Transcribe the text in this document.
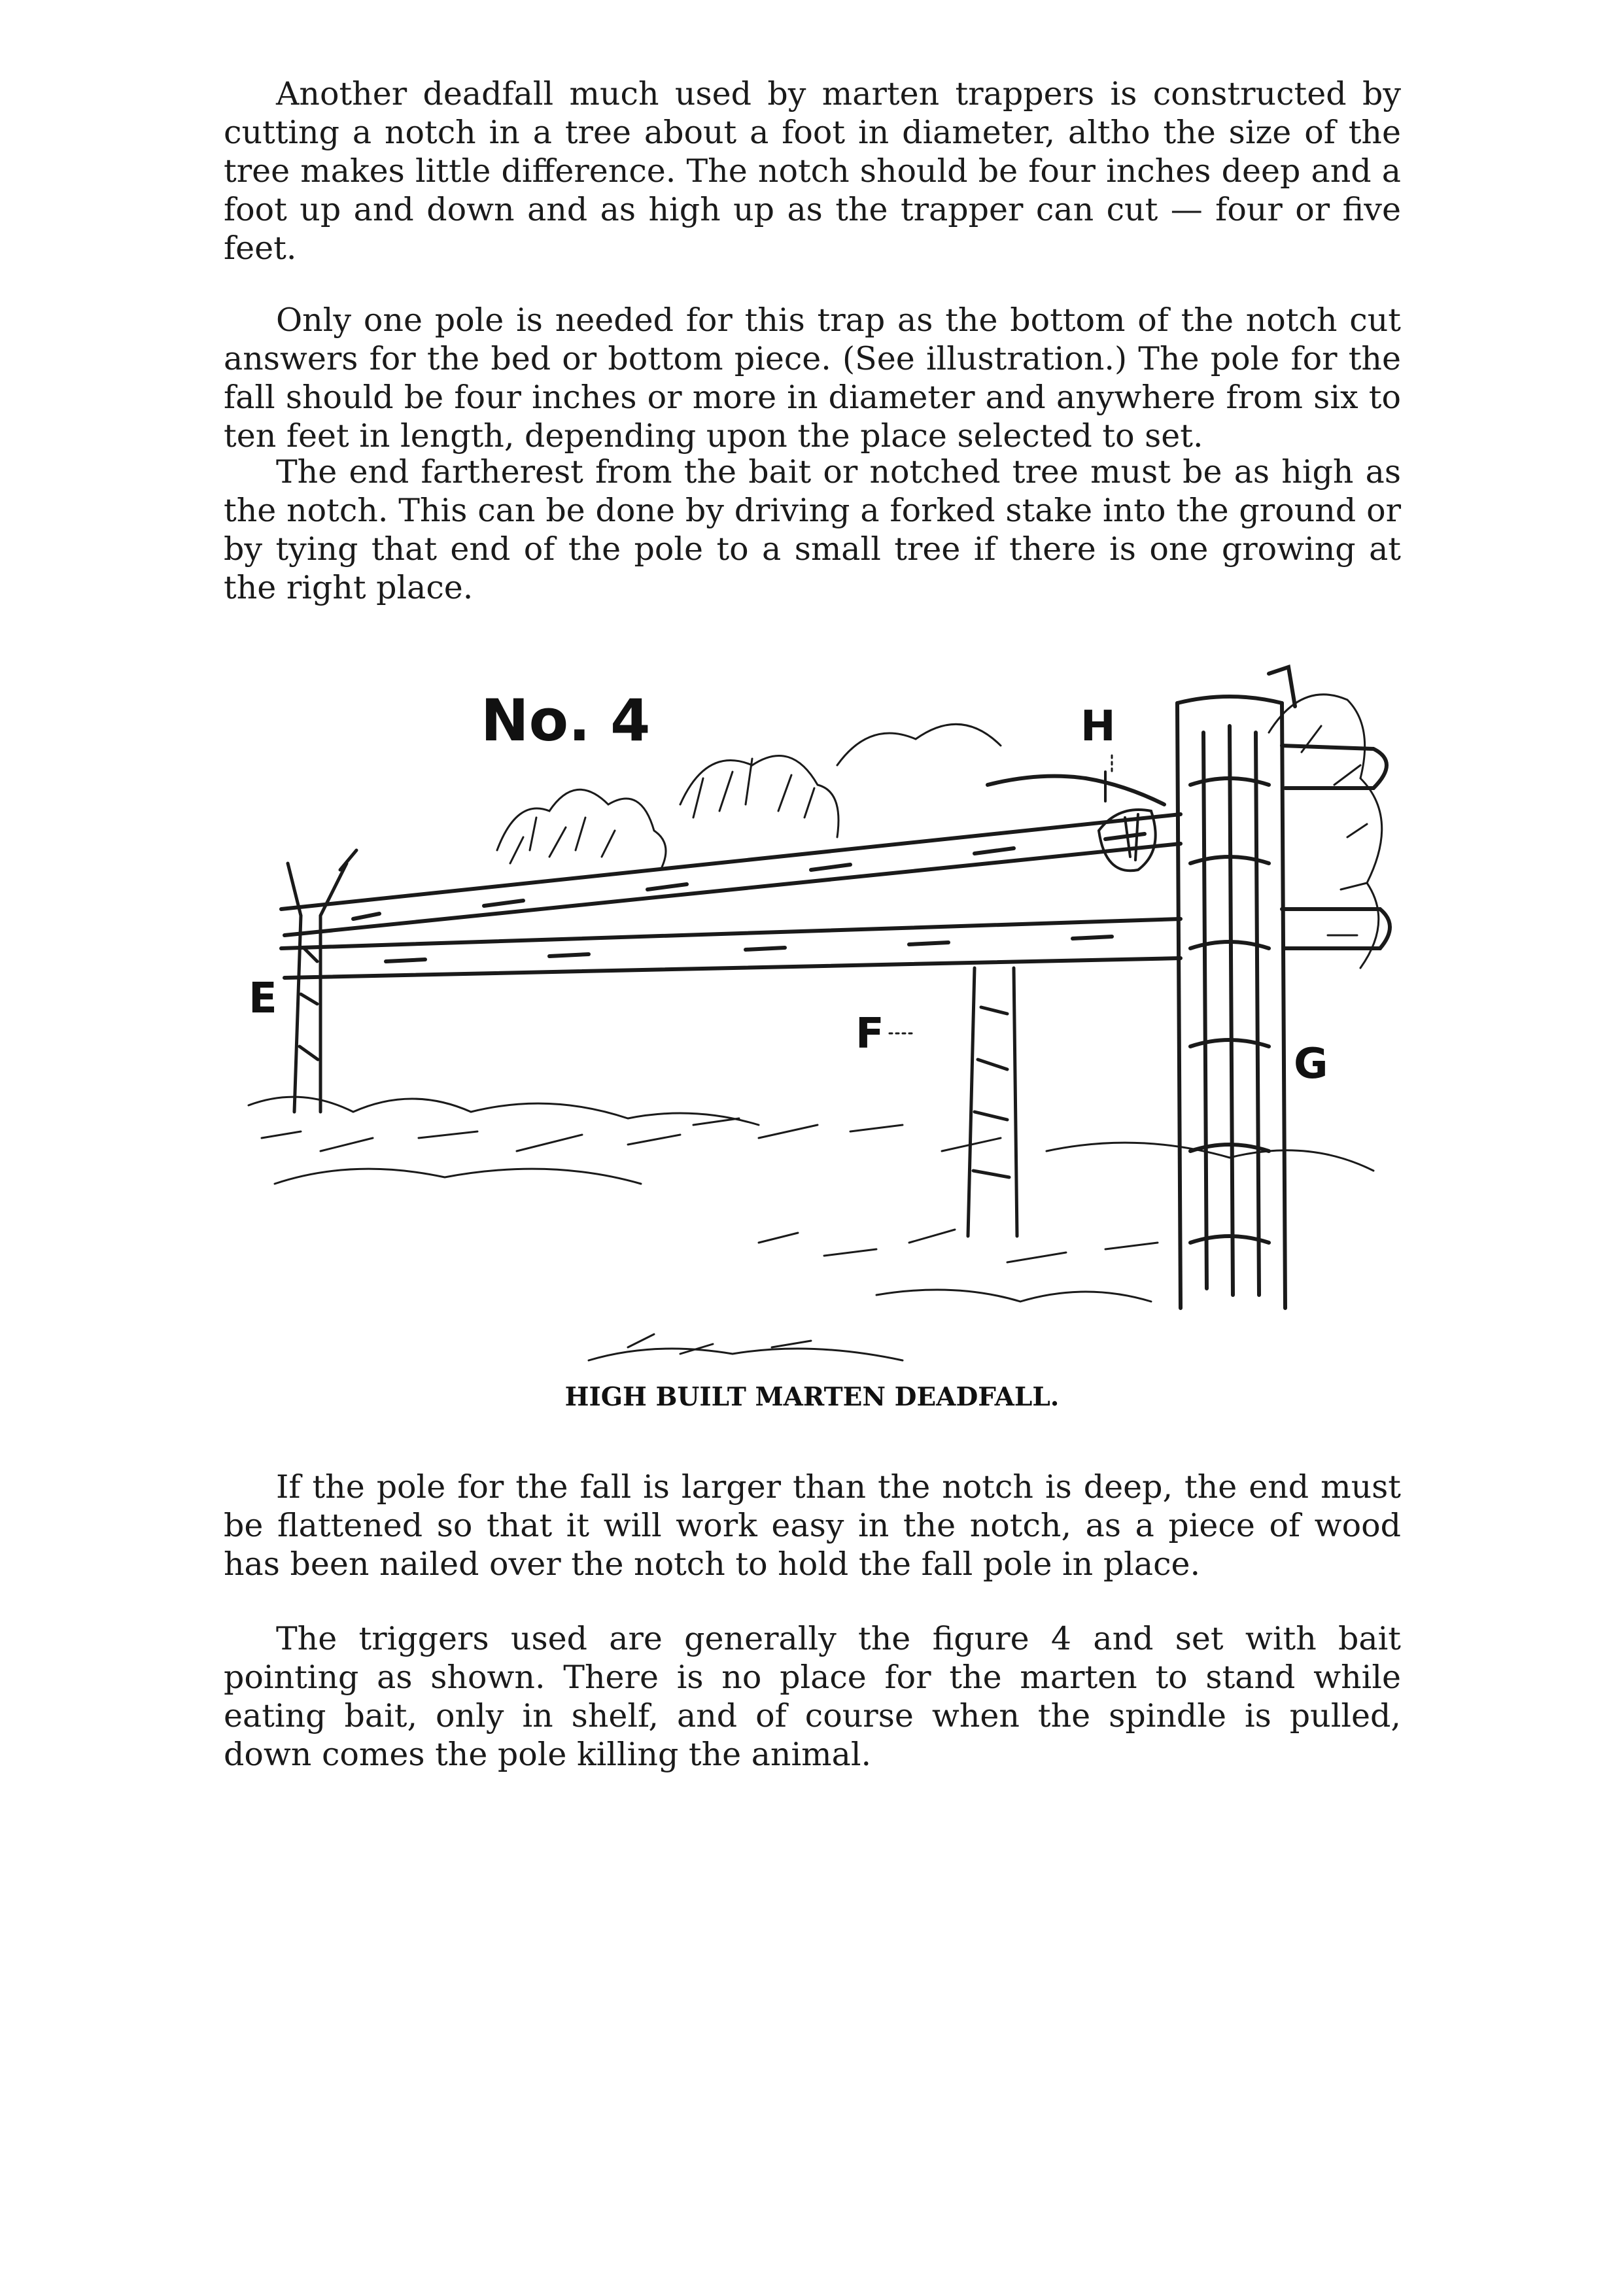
Another deadfall much used by marten trappers is constructed by cutting a notch in a tree about a foot in diameter, altho the size of the tree makes little difference. The notch should be four inches deep and a foot up and down and as high up as the trapper can cut — four or five feet.

Only one pole is needed for this trap as the bottom of the notch cut answers for the bed or bottom piece. (See illustration.) The pole for the fall should be four inches or more in diameter and anywhere from six to ten feet in length, depending upon the place selected to set.

The end fartherest from the bait or notched tree must be as high as the notch. This can be done by driving a forked stake into the ground or by tying that end of the pole to a small tree if there is one growing at the right place.

No. 4	H
E
F
G
HIGH BUILT MARTEN DEADFALL.

If the pole for the fall is larger than the notch is deep, the end must be flattened so that it will work easy in the notch, as a piece of wood has been nailed over the notch to hold the fall pole in place.

The triggers used are generally the figure 4 and set with bait pointing as shown. There is no place for the marten to stand while eating bait, only in shelf, and of course when the spindle is pulled, down comes the pole killing the animal.
